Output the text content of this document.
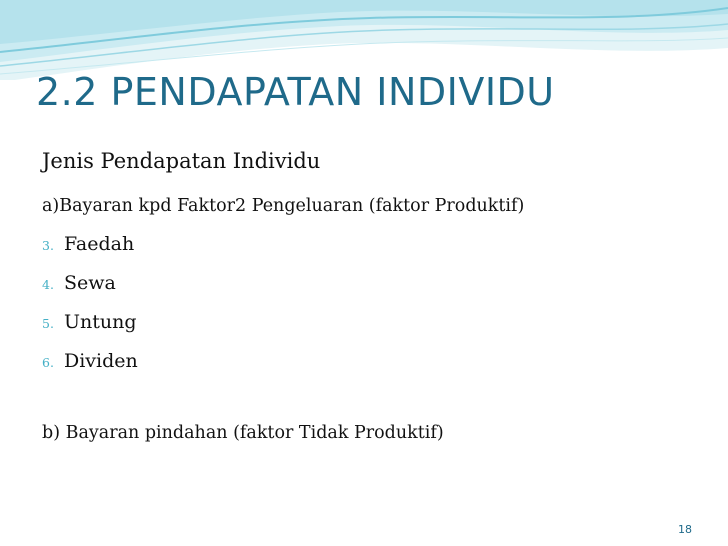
2.2 PENDAPATAN INDIVIDU
Jenis Pendapatan Individu
a)Bayaran kpd Faktor2 Pengeluaran (faktor Produktif)
3. Faedah
4. Sewa
5. Untung
6. Dividen
b) Bayaran pindahan (faktor Tidak Produktif)
18
